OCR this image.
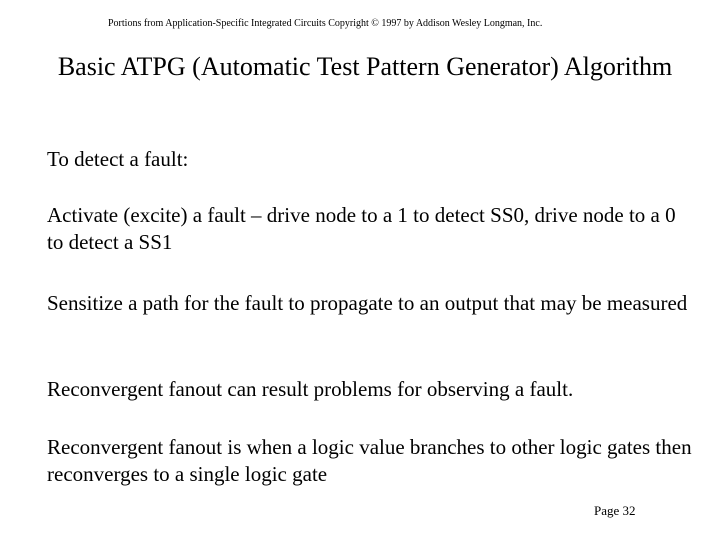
Portions from Application-Specific Integrated Circuits Copyright © 1997 by Addison Wesley Longman, Inc.
Basic ATPG (Automatic Test Pattern Generator) Algorithm
To detect a fault:
Activate (excite) a fault – drive node to a 1 to detect SS0, drive node to a 0 to detect a SS1
Sensitize a path for the fault to propagate to an output that may be measured
Reconvergent fanout can result problems for observing a fault.
Reconvergent fanout is when a logic value branches to other logic gates then reconverges to a single logic gate
Page 32
